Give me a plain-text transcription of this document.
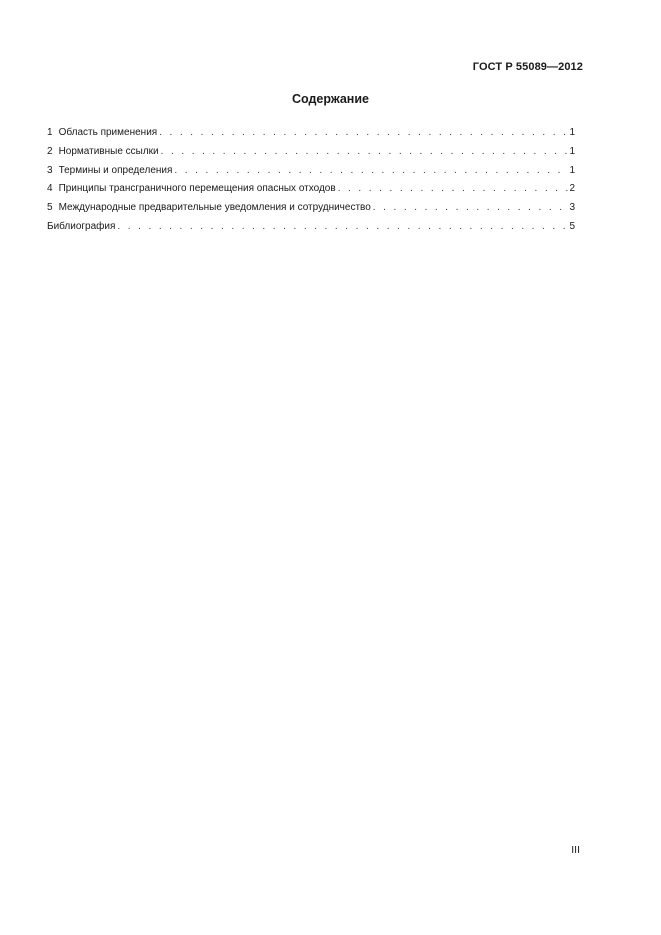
ГОСТ Р 55089—2012
Содержание
1 Область применения . . .	1
2 Нормативные ссылки . . .	1
3 Термины и определения . . .	1
4 Принципы трансграничного перемещения опасных отходов . . .	2
5 Международные предварительные уведомления и сотрудничество . . .	3
Библиография . . .	5
III
